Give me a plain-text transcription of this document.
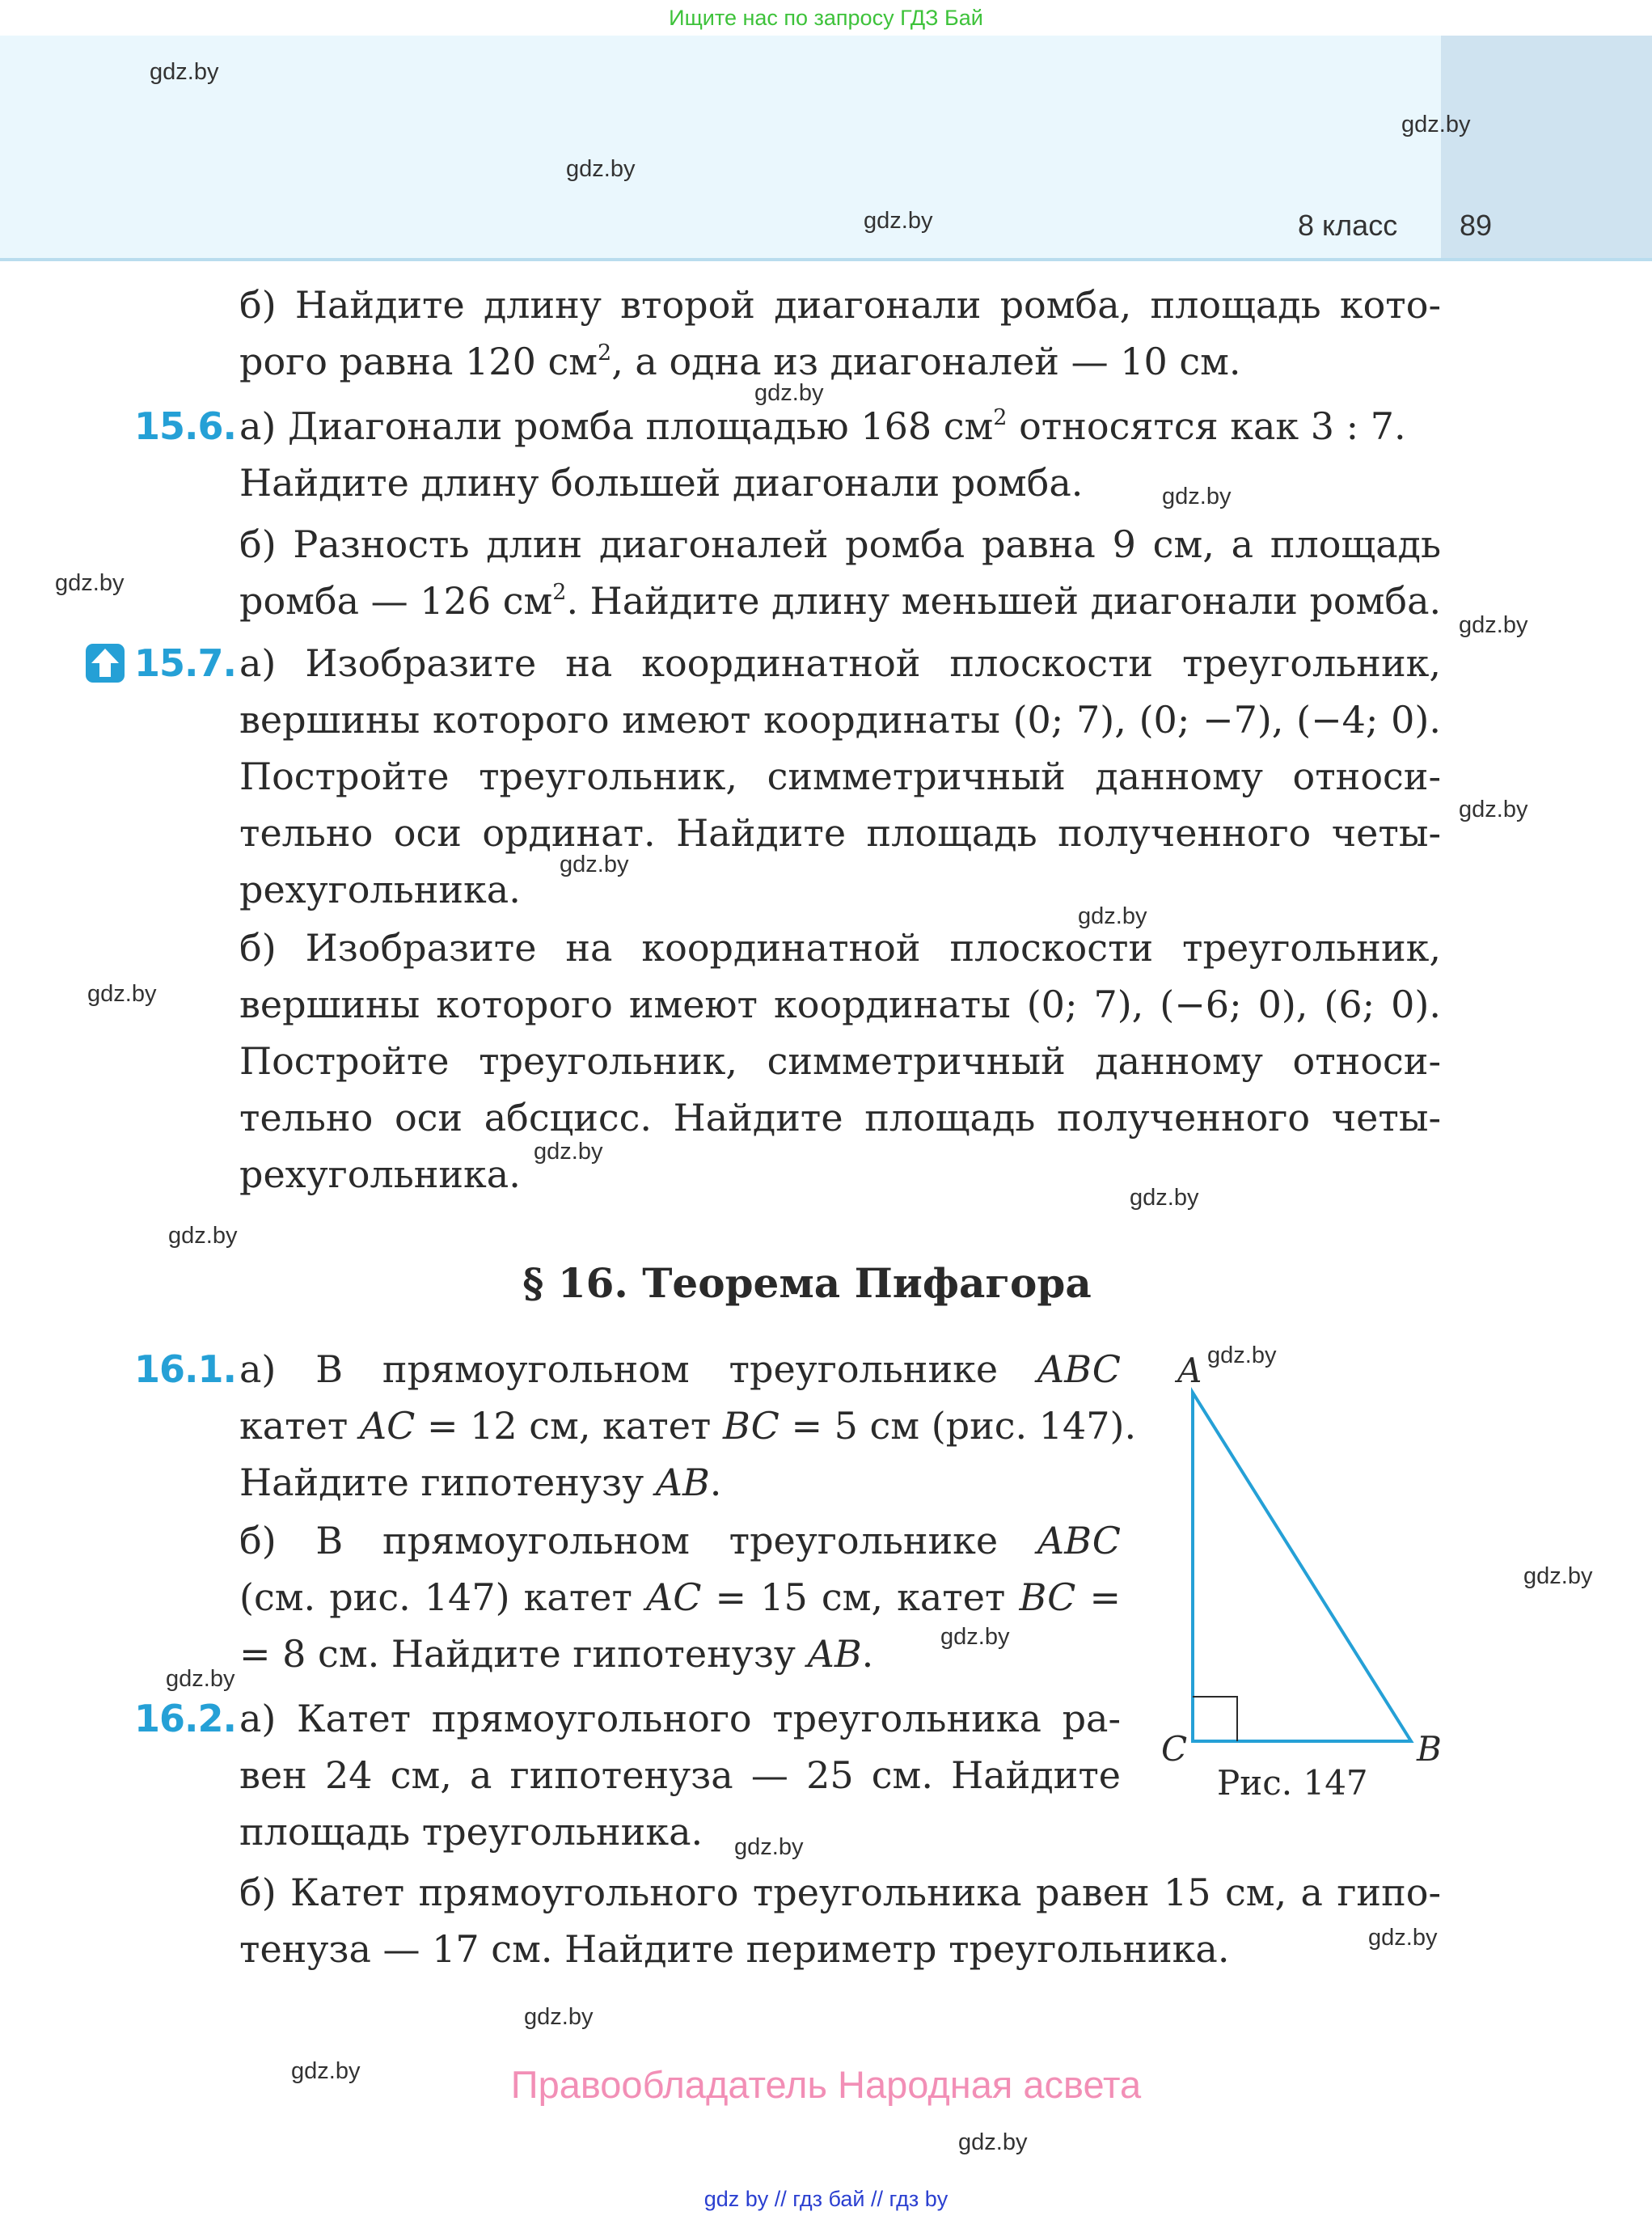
Ищите нас по запросу ГДЗ Бай
8 класс 89
б) Найдите длину второй диагонали ромба, площадь кото-
рого равна 120 $см^2$, а одна из диагоналей — 10 см.
15.6. а) Диагонали ромба площадью 168 $см^2$ относятся как 3 : 7.
Найдите длину большей диагонали ромба.
б) Разность длин диагоналей ромба равна 9 см, а площадь
ромба — 126 $см^2$. Найдите длину меньшей диагонали ромба.
15.7. а) Изобразите на координатной плоскости треугольник,
вершины которого имеют координаты (0; 7), (0; −7), (−4; 0).
Постройте треугольник, симметричный данному относи-
тельно оси ординат. Найдите площадь полученного четы-
рехугольника.
б) Изобразите на координатной плоскости треугольник,
вершины которого имеют координаты (0; 7), (−6; 0), (6; 0).
Постройте треугольник, симметричный данному относи-
тельно оси абсцисс. Найдите площадь полученного четы-
рехугольника.
§ 16. Теорема Пифагора
16.1. а) В прямоугольном треугольнике ABC
катет AC = 12 см, катет BC = 5 см (рис. 147).
Найдите гипотенузу AB.
б) В прямоугольном треугольнике ABC
(см. рис. 147) катет AC = 15 см, катет BC =
= 8 см. Найдите гипотенузу AB.
16.2. а) Катет прямоугольного треугольника ра-
вен 24 см, а гипотенуза — 25 см. Найдите
площадь треугольника.
б) Катет прямоугольного треугольника равен 15 см, а гипо-
тенуза — 17 см. Найдите периметр треугольника.
A
C	B
Рис. 147
gdz.by
gdz.by
gdz.by
gdz.by
gdz.by
gdz.by
gdz.by
gdz.by
gdz.by
gdz.by
gdz.by
gdz.by
gdz.by
gdz.by
gdz.by
gdz.by
gdz.by
gdz.by
gdz.by
gdz.by
gdz.by
gdz.by
gdz.by
gdz.by
Правообладатель Народная асвета
gdz by // гдз бай // гдз by
